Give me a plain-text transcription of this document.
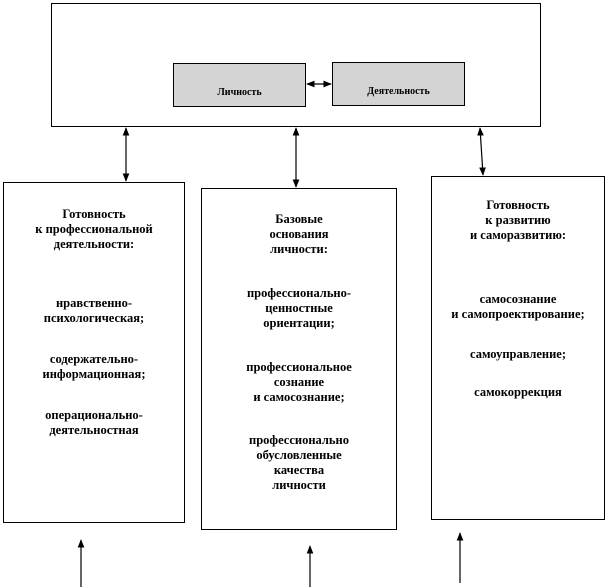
Личность	Деятельность

Готовность

к профессиональной

деятельности:

нравственно-

психологическая;

содержательно-

информационная;

операционально-

деятельностная

Базовые

основания

личности:

профессионально-

ценностные

ориентации;

профессиональное

сознание

и самосознание;

профессионально

обусловленные

качества

личности

Готовность

к развитию

и саморазвитию:

самосознание

и самопроектирование;

самоуправление;

самокоррекция
